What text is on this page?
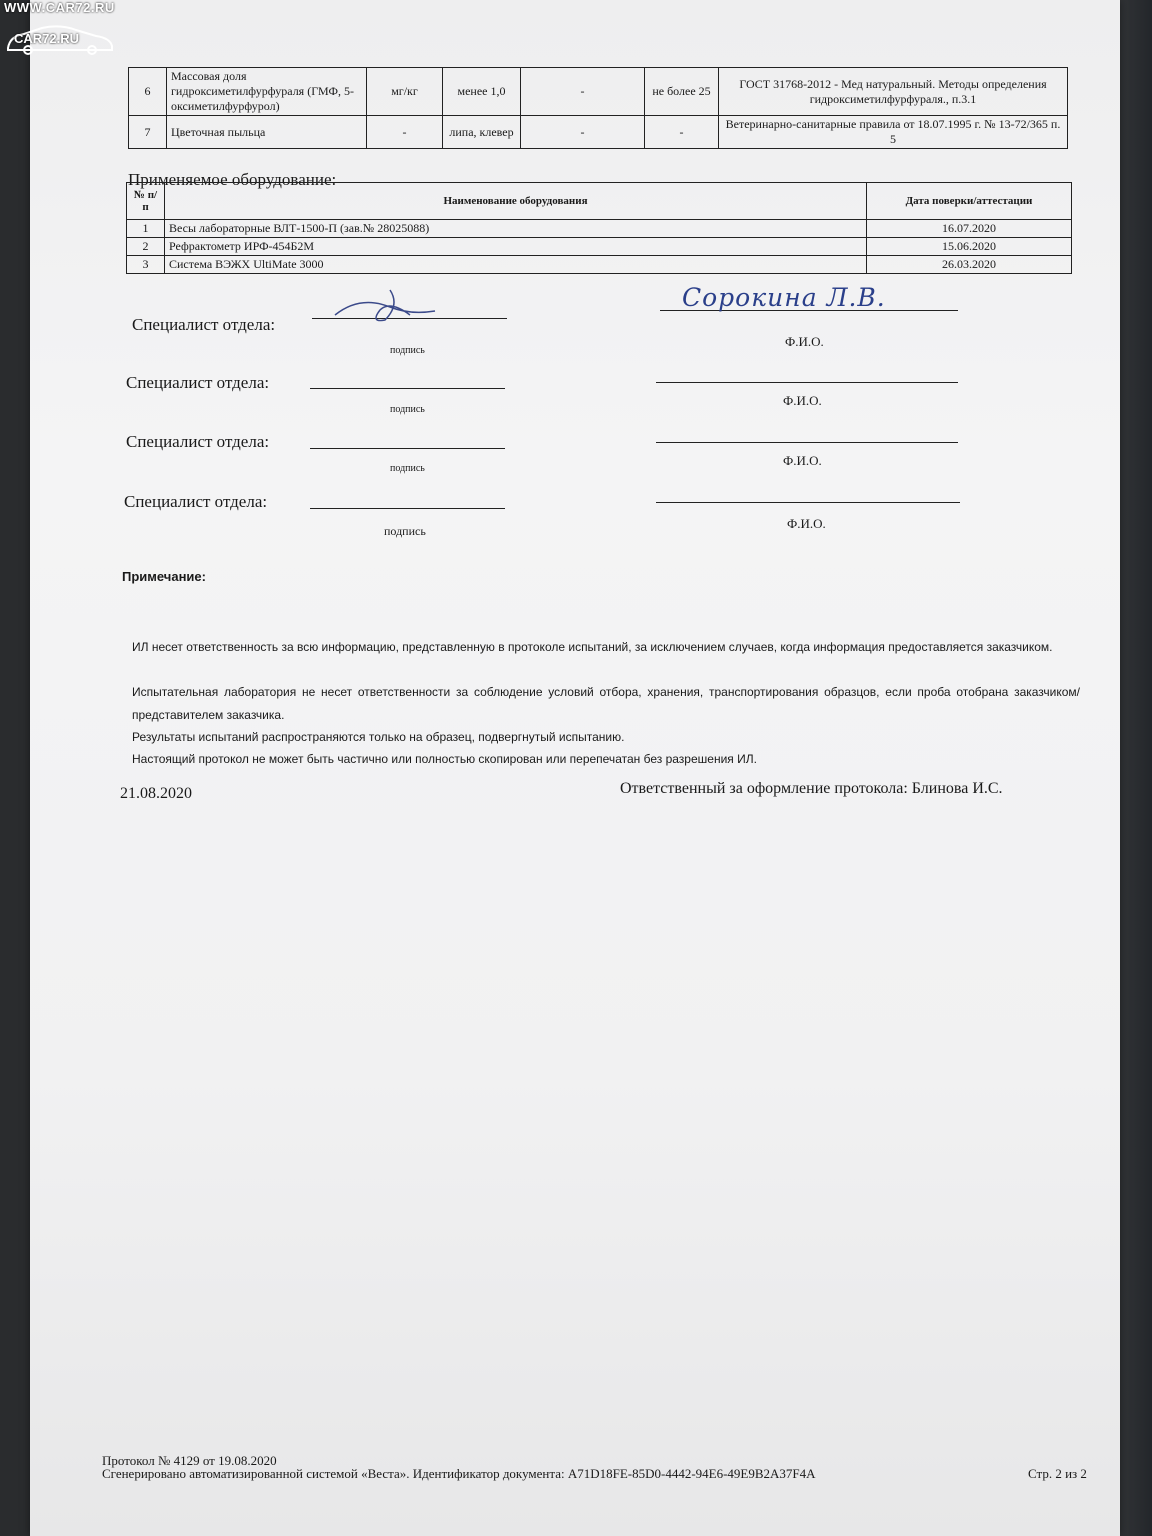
WWW.CAR72.RU
CAR72.RU
6	Массовая доля гидроксиметилфурфураля (ГМФ, 5-оксиметилфурфурол)	мг/кг	менее 1,0	-	не более 25	ГОСТ 31768-2012 - Мед натуральный. Методы определения гидроксиметилфурфураля., п.3.1
7	Цветочная пыльца	-	липа, клевер	-	-	Ветеринарно-санитарные правила от 18.07.1995 г. № 13-72/365 п. 5
Применяемое оборудование:
№ п/п	Наименование оборудования	Дата поверки/аттестации
1	Весы лабораторные ВЛТ-1500-П (зав.№ 28025088)	16.07.2020
2	Рефрактометр ИРФ-454Б2М	15.06.2020
3	Система ВЭЖХ UltiMate 3000	26.03.2020
Специалист отдела:
подпись
Ф.И.О.
Сорокина Л.В.
Специалист отдела:
подпись
Ф.И.О.
Специалист отдела:
подпись
Ф.И.О.
Специалист отдела:
подпись	Ф.И.О.
Примечание:
ИЛ несет ответственность за всю информацию, представленную в протоколе испытаний, за исключением случаев, когда информация предоставляется заказчиком.
Испытательная лаборатория не несет ответственности за соблюдение условий отбора, хранения, транспортирования образцов, если проба отобрана заказчиком/представителем заказчика.
Результаты испытаний распространяются только на образец, подвергнутый испытанию.
Настоящий протокол не может быть частично или полностью скопирован или перепечатан без разрешения ИЛ.
21.08.2020	Ответственный за оформление протокола: Блинова И.С.
Протокол № 4129 от 19.08.2020
Сгенерировано автоматизированной системой «Веста». Идентификатор документа: A71D18FE-85D0-4442-94E6-49E9B2A37F4A	Стр. 2 из 2
